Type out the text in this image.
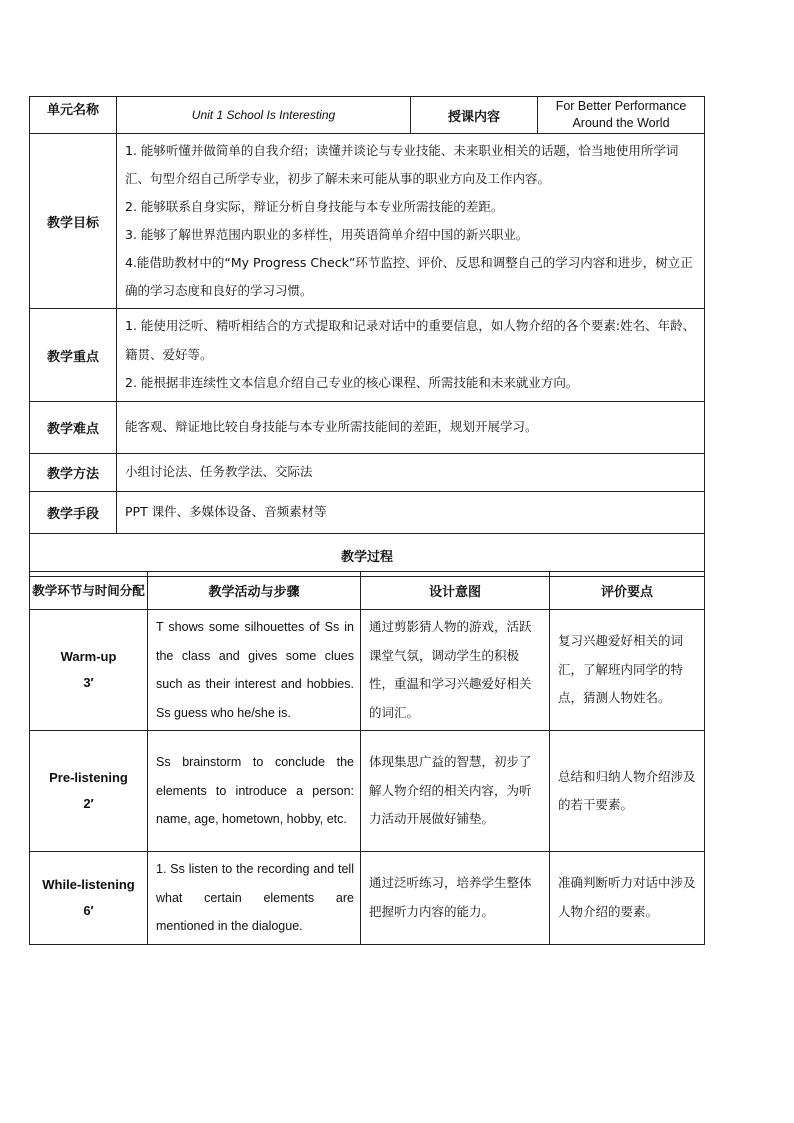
单元名称	Unit 1 School Is Interesting	授课内容	For Better Performance Around the World
教学目标	1. 能够听懂并做简单的自我介绍；读懂并谈论与专业技能、未来职业相关的话题，恰当地使用所学词汇、句型介绍自己所学专业，初步了解未来可能从事的职业方向及工作内容。
2. 能够联系自身实际，辩证分析自身技能与本专业所需技能的差距。
3. 能够了解世界范围内职业的多样性，用英语简单介绍中国的新兴职业。
4.能借助教材中的“My Progress Check”环节监控、评价、反思和调整自己的学习内容和进步，树立正确的学习态度和良好的学习习惯。		

教学重点	1. 能使用泛听、精听相结合的方式提取和记录对话中的重要信息，如人物介绍的各个要素:姓名、年龄、籍贯、爱好等。
2. 能根据非连续性文本信息介绍自己专业的核心课程、所需技能和未来就业方向。		

教学难点	能客观、辩证地比较自身技能与本专业所需技能间的差距，规划开展学习。		
教学方法	小组讨论法、任务教学法、交际法		
教学手段	PPT 课件、多媒体设备、音频素材等		
教学过程			
教学环节与时间分配	教学活动与步骤	设计意图	评价要点

Warm-up
3′	T shows some silhouettes of Ss in the class and gives some clues such as their interest and hobbies. Ss guess who he/she is.	通过剪影猜人物的游戏，活跃课堂气氛，调动学生的积极性，重温和学习兴趣爱好相关的词汇。	复习兴趣爱好相关的词汇，了解班内同学的特点，猜测人物姓名。

Pre-listening
2′	Ss brainstorm to conclude the elements to introduce a person: name, age, hometown, hobby, etc.	体现集思广益的智慧，初步了解人物介绍的相关内容，为听力活动开展做好铺垫。	总结和归纳人物介绍涉及的若干要素。

While-listening
6′	1. Ss listen to the recording and tell what certain elements are mentioned in the dialogue.	通过泛听练习，培养学生整体把握听力内容的能力。	准确判断听力对话中涉及人物介绍的要素。
